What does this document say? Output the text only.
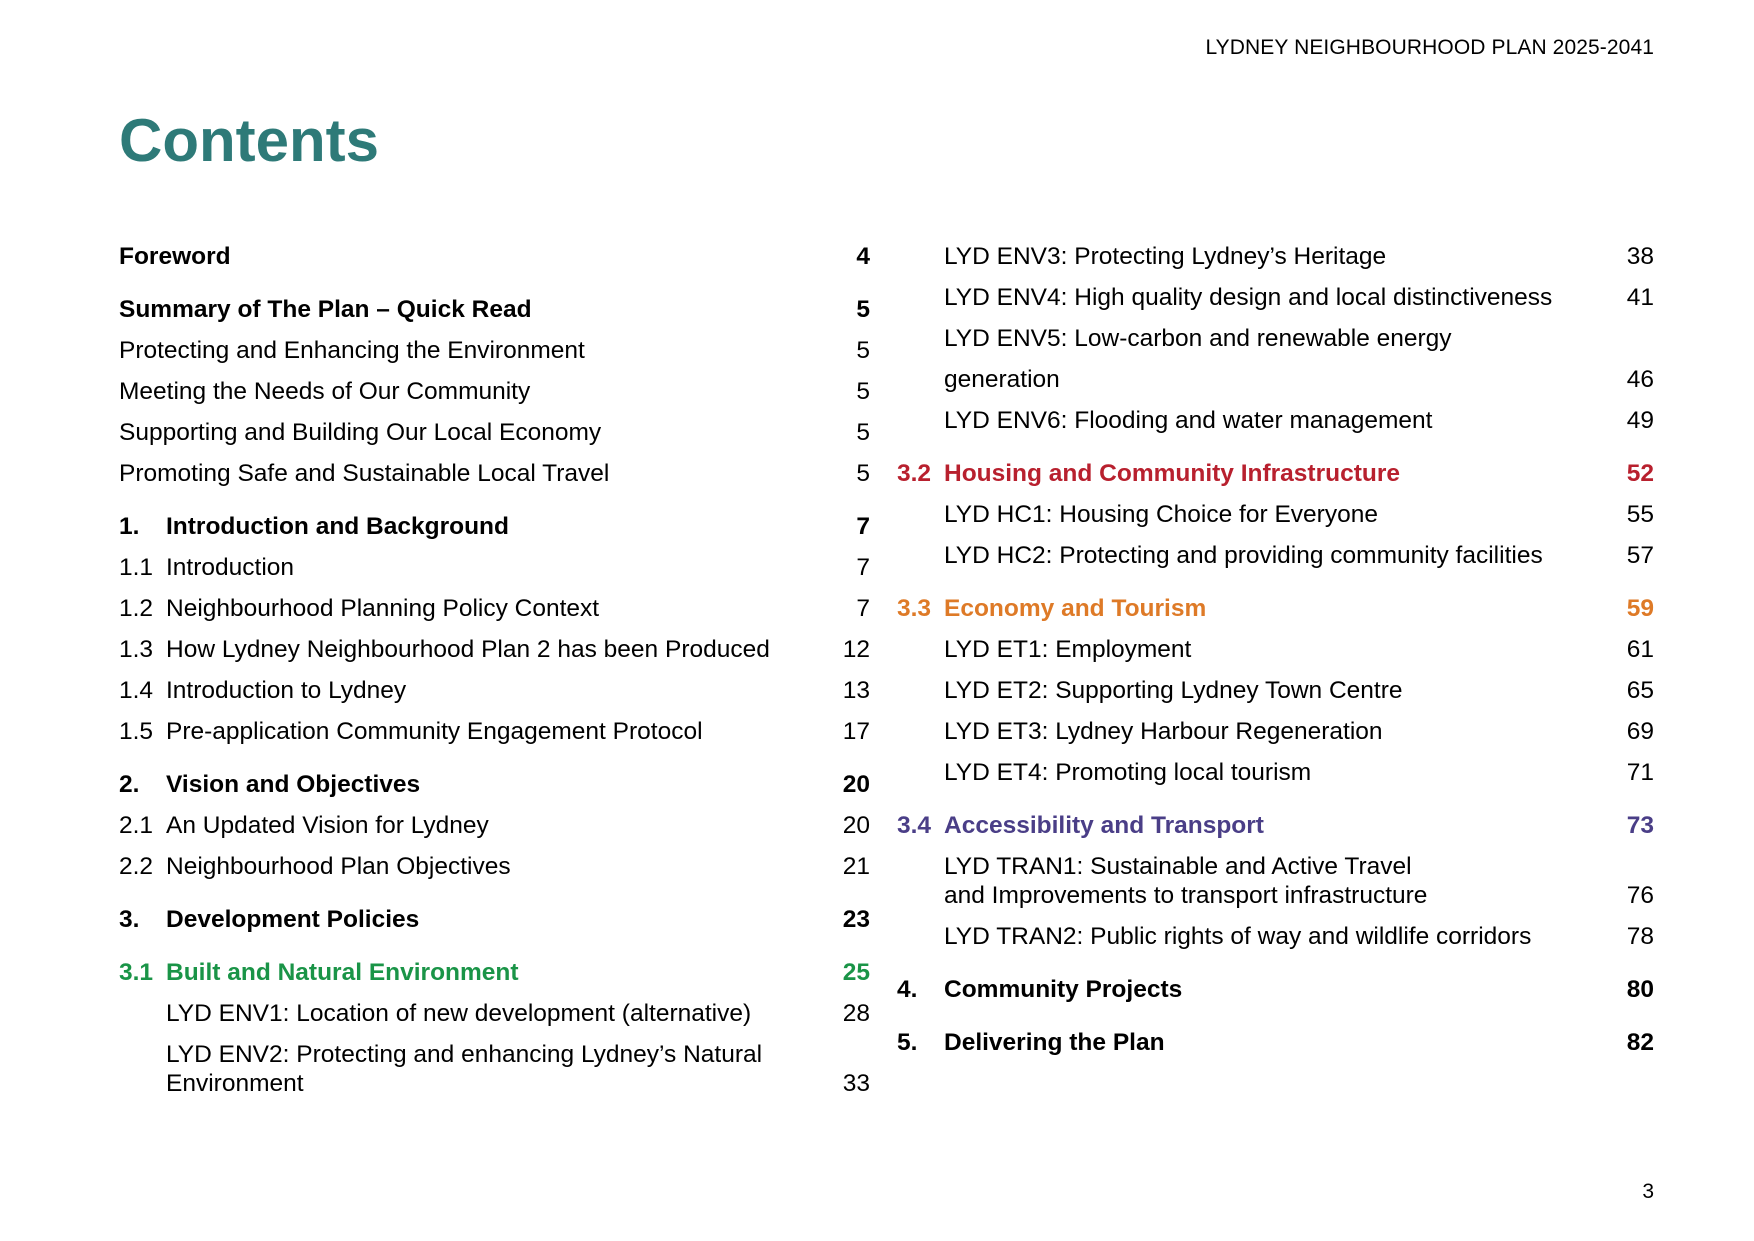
LYDNEY NEIGHBOURHOOD PLAN 2025-2041
Contents
Foreword	4
Summary of The Plan – Quick Read	5
Protecting and Enhancing the Environment	5
Meeting the Needs of Our Community	5
Supporting and Building Our Local Economy	5
Promoting Safe and Sustainable Local Travel	5
1. Introduction and Background	7
1.1 Introduction	7
1.2 Neighbourhood Planning Policy Context	7
1.3 How Lydney Neighbourhood Plan 2 has been Produced	12
1.4 Introduction to Lydney	13
1.5 Pre-application Community Engagement Protocol	17
2. Vision and Objectives	20
2.1 An Updated Vision for Lydney	20
2.2 Neighbourhood Plan Objectives	21
3. Development Policies	23
3.1 Built and Natural Environment	25
LYD ENV1: Location of new development (alternative)	28
LYD ENV2: Protecting and enhancing Lydney’s Natural
Environment	33
LYD ENV3: Protecting Lydney’s Heritage	38
LYD ENV4: High quality design and local distinctiveness	41
LYD ENV5: Low-carbon and renewable energy generation	46
LYD ENV6: Flooding and water management	49
3.2 Housing and Community Infrastructure	52
LYD HC1: Housing Choice for Everyone	55
LYD HC2: Protecting and providing community facilities	57
3.3 Economy and Tourism	59
LYD ET1: Employment	61
LYD ET2: Supporting Lydney Town Centre	65
LYD ET3: Lydney Harbour Regeneration	69
LYD ET4: Promoting local tourism	71
3.4 Accessibility and Transport	73
LYD TRAN1: Sustainable and Active Travel
and Improvements to transport infrastructure	76
LYD TRAN2: Public rights of way and wildlife corridors	78
4. Community Projects	80
5. Delivering the Plan	82
3
